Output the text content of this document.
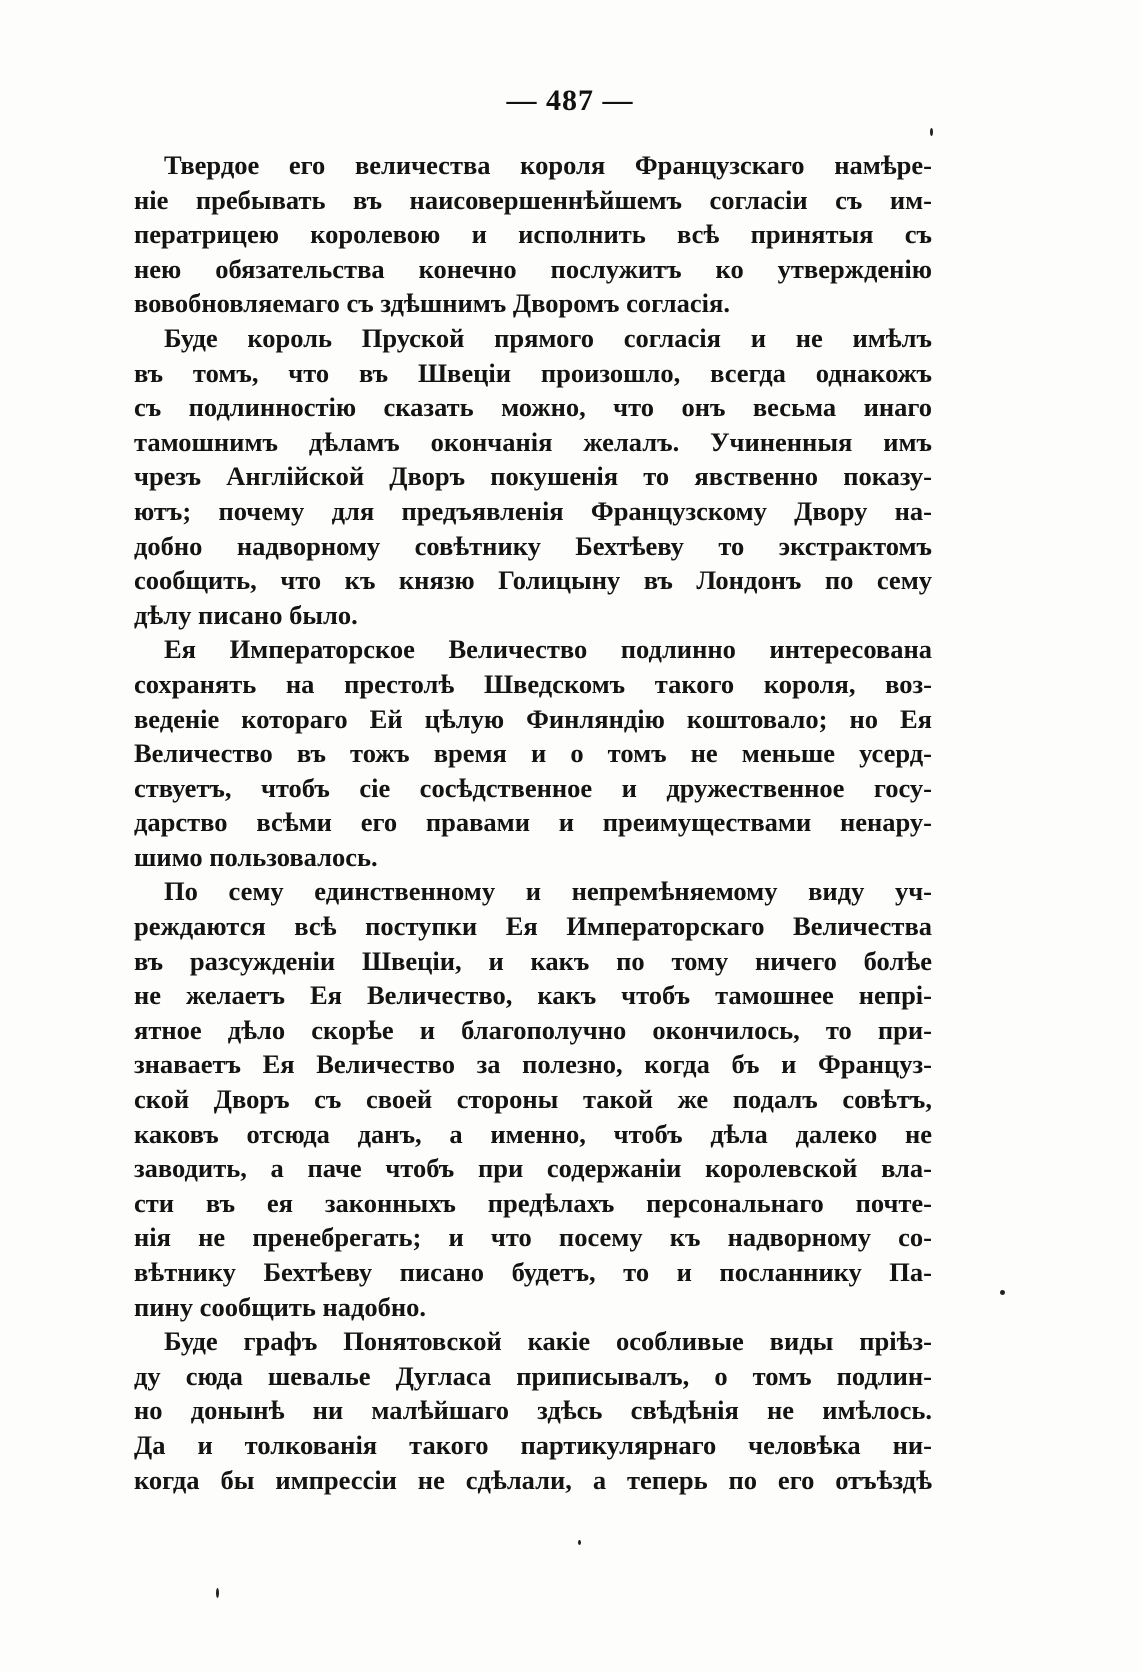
— 487 —

Твердое его величества короля Французскаго намѣре-
ніе пребывать въ наисовершеннѣйшемъ согласіи съ им-
ператрицею королевою и исполнить всѣ принятыя съ
нею обязательства конечно послужитъ ко утвержденію
вовобновляемаго съ здѣшнимъ Дворомъ согласія.

Буде король Пруской прямого согласія и не имѣлъ
въ томъ, что въ Швеціи произошло, всегда однакожъ
съ подлинностію сказать можно, что онъ весьма инаго
тамошнимъ дѣламъ окончанія желалъ. Учиненныя имъ
чрезъ Англійской Дворъ покушенія то явственно показу-
ютъ; почему для предъявленія Французскому Двору на-
добно надворному совѣтнику Бехтѣеву то экстрактомъ
сообщить, что къ князю Голицыну въ Лондонъ по сему
дѣлу писано было.

Ея Императорское Величество подлинно интересована
сохранять на престолѣ Шведскомъ такого короля, воз-
веденіе котораго Ей цѣлую Финляндію коштовало; но Ея
Величество въ тожъ время и о томъ не меньше усерд-
ствуетъ, чтобъ сіе сосѣдственное и дружественное госу-
дарство всѣми его правами и преимуществами ненару-
шимо пользовалось.

По сему единственному и непремѣняемому виду уч-
реждаются всѣ поступки Ея Императорскаго Величества
въ разсужденіи Швеціи, и какъ по тому ничего болѣе
не желаетъ Ея Величество, какъ чтобъ тамошнее непрі-
ятное дѣло скорѣе и благополучно окончилось, то при-
знаваетъ Ея Величество за полезно, когда бъ и Француз-
ской Дворъ съ своей стороны такой же подалъ совѣтъ,
каковъ отсюда данъ, а именно, чтобъ дѣла далеко не
заводить, а паче чтобъ при содержаніи королевской вла-
сти въ ея законныхъ предѣлахъ персональнаго почте-
нія не пренебрегать; и что посему къ надворному со-
вѣтнику Бехтѣеву писано будетъ, то и посланнику Па-
пину сообщить надобно.

Буде графъ Понятовской какіе особливые виды пріѣз-
ду сюда шевалье Дугласа приписывалъ, о томъ подлин-
но донынѣ ни малѣйшаго здѣсь свѣдѣнія не имѣлось.
Да и толкованія такого партикулярнаго человѣка ни-
когда бы импрессіи не сдѣлали, а теперь по его отъѣздѣ
